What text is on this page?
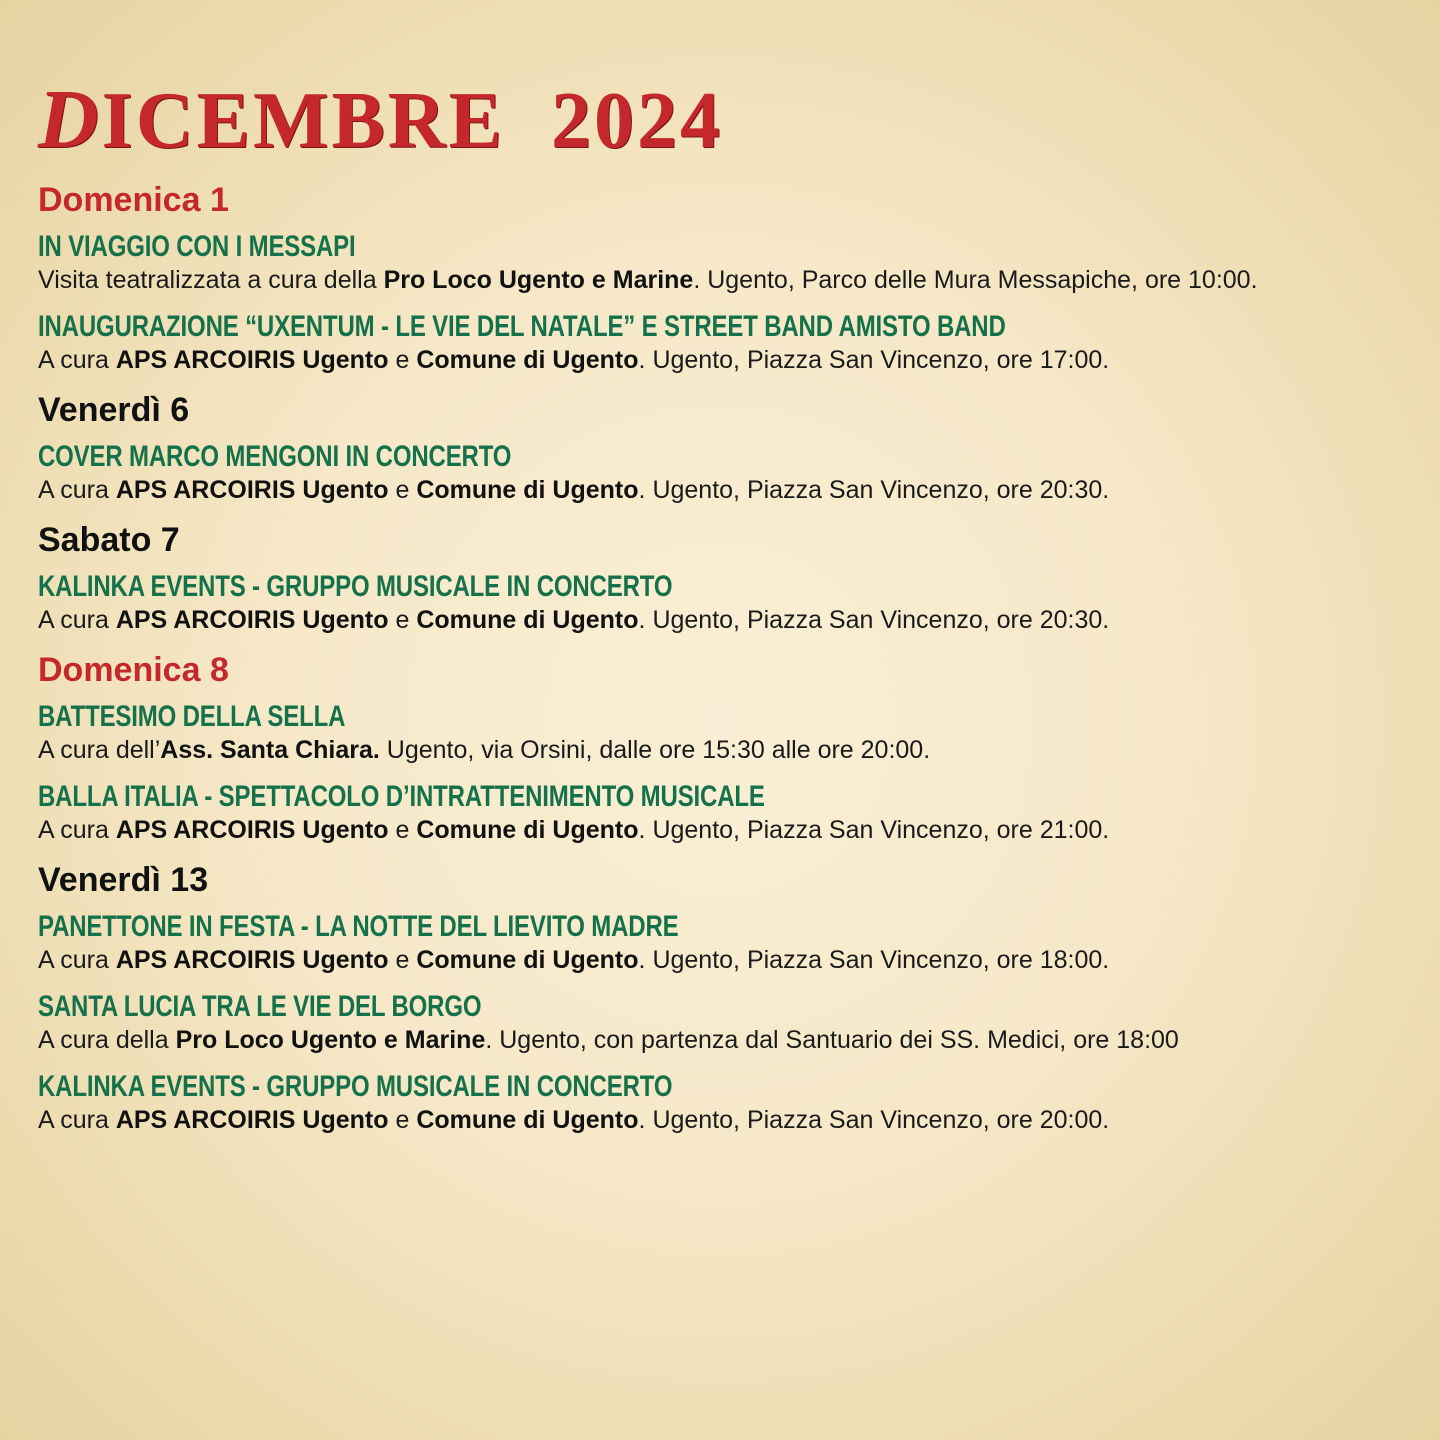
DICEMBRE 2024
Domenica 1
IN VIAGGIO CON I MESSAPI

Visita teatralizzata a cura della Pro Loco Ugento e Marine. Ugento, Parco delle Mura Messapiche, ore 10:00.

INAUGURAZIONE “UXENTUM - LE VIE DEL NATALE” E STREET BAND AMISTO BAND

A cura APS ARCOIRIS Ugento e Comune di Ugento. Ugento, Piazza San Vincenzo, ore 17:00.

Venerdì 6
COVER MARCO MENGONI IN CONCERTO

A cura APS ARCOIRIS Ugento e Comune di Ugento. Ugento, Piazza San Vincenzo, ore 20:30.

Sabato 7
KALINKA EVENTS - GRUPPO MUSICALE IN CONCERTO

A cura APS ARCOIRIS Ugento e Comune di Ugento. Ugento, Piazza San Vincenzo, ore 20:30.

Domenica 8
BATTESIMO DELLA SELLA

A cura dell’Ass. Santa Chiara. Ugento, via Orsini, dalle ore 15:30 alle ore 20:00.

BALLA ITALIA - SPETTACOLO D’INTRATTENIMENTO MUSICALE

A cura APS ARCOIRIS Ugento e Comune di Ugento. Ugento, Piazza San Vincenzo, ore 21:00.

Venerdì 13
PANETTONE IN FESTA - LA NOTTE DEL LIEVITO MADRE

A cura APS ARCOIRIS Ugento e Comune di Ugento. Ugento, Piazza San Vincenzo, ore 18:00.

SANTA LUCIA TRA LE VIE DEL BORGO

A cura della Pro Loco Ugento e Marine. Ugento, con partenza dal Santuario dei SS. Medici, ore 18:00

KALINKA EVENTS - GRUPPO MUSICALE IN CONCERTO

A cura APS ARCOIRIS Ugento e Comune di Ugento. Ugento, Piazza San Vincenzo, ore 20:00.
